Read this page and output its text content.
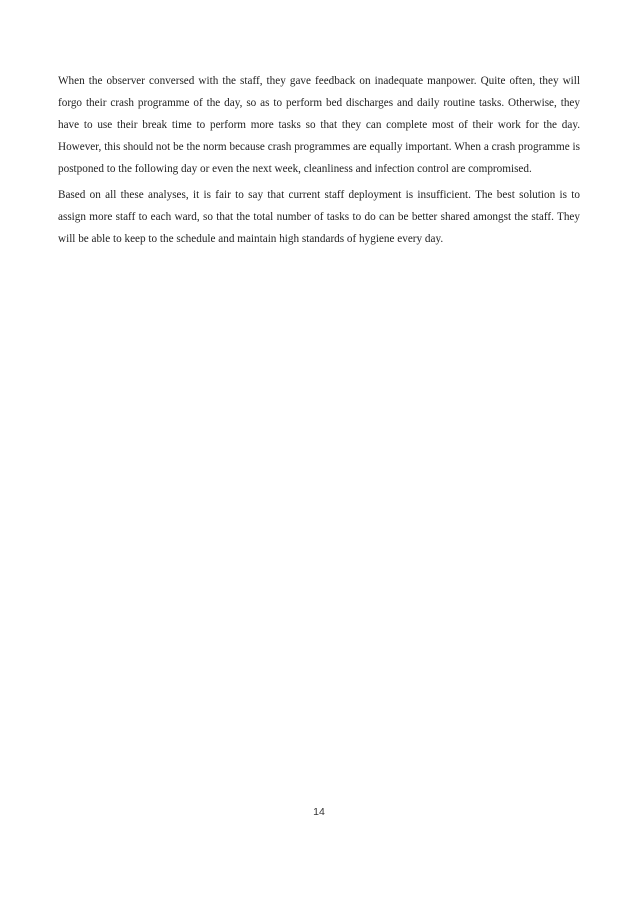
When the observer conversed with the staff, they gave feedback on inadequate manpower. Quite often, they will forgo their crash programme of the day, so as to perform bed discharges and daily routine tasks. Otherwise, they have to use their break time to perform more tasks so that they can complete most of their work for the day. However, this should not be the norm because crash programmes are equally important. When a crash programme is postponed to the following day or even the next week, cleanliness and infection control are compromised.

Based on all these analyses, it is fair to say that current staff deployment is insufficient. The best solution is to assign more staff to each ward, so that the total number of tasks to do can be better shared amongst the staff. They will be able to keep to the schedule and maintain high standards of hygiene every day.

14
